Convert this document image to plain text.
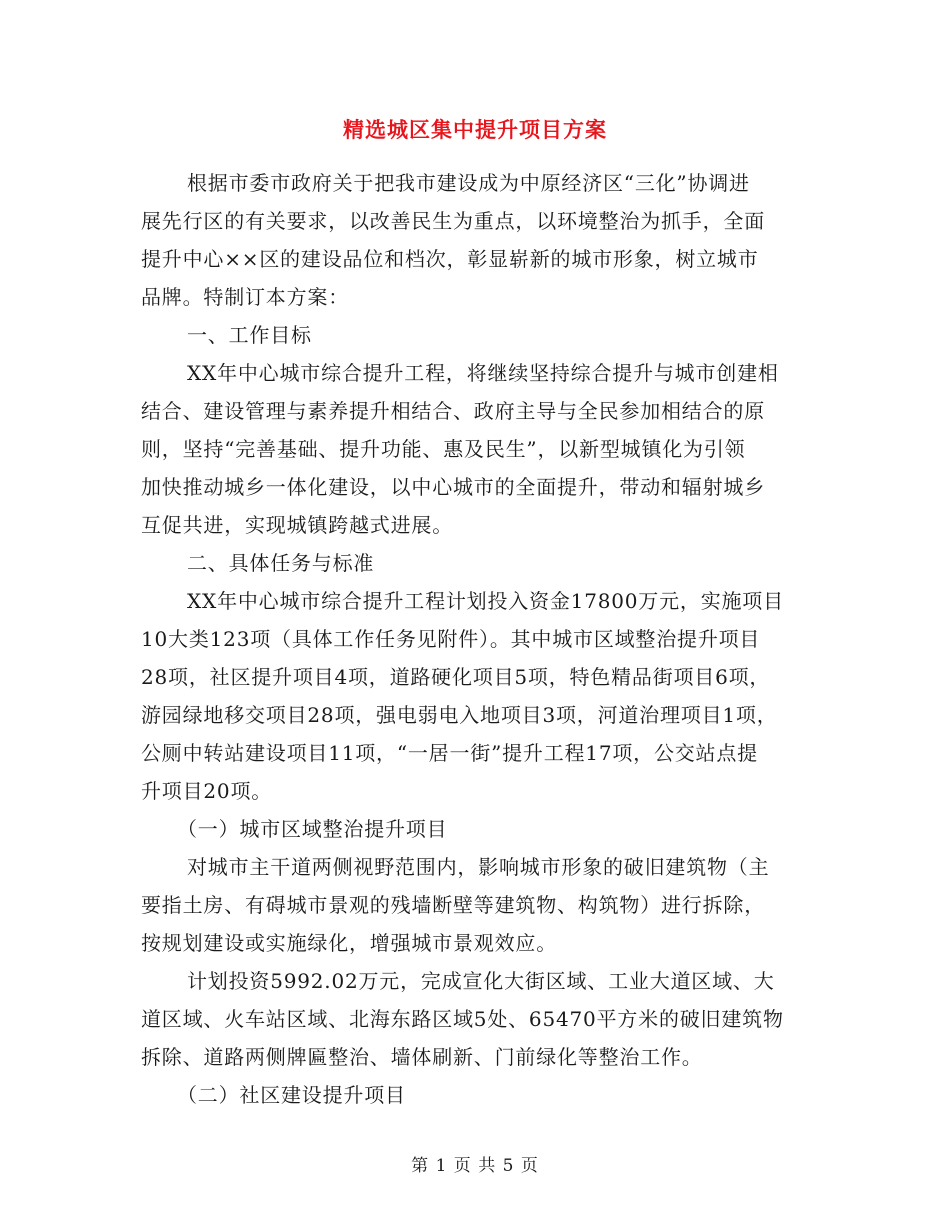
精选城区集中提升项目方案
根据市委市政府关于把我市建设成为中原经济区“三化”协调进
展先行区的有关要求，以改善民生为重点，以环境整治为抓手，全面
提升中心××区的建设品位和档次，彰显崭新的城市形象，树立城市
品牌。特制订本方案：
一、工作目标
XX年中心城市综合提升工程，将继续坚持综合提升与城市创建相
结合、建设管理与素养提升相结合、政府主导与全民参加相结合的原
则，坚持“完善基础、提升功能、惠及民生”，以新型城镇化为引领
加快推动城乡一体化建设，以中心城市的全面提升，带动和辐射城乡
互促共进，实现城镇跨越式进展。
二、具体任务与标准
XX年中心城市综合提升工程计划投入资金17800万元，实施项目
10大类123项（具体工作任务见附件）。其中城市区域整治提升项目
28项，社区提升项目4项，道路硬化项目5项，特色精品街项目6项，
游园绿地移交项目28项，强电弱电入地项目3项，河道治理项目1项，
公厕中转站建设项目11项，“一居一街”提升工程17项，公交站点提
升项目20项。
（一）城市区域整治提升项目
对城市主干道两侧视野范围内，影响城市形象的破旧建筑物（主
要指土房、有碍城市景观的残墙断壁等建筑物、构筑物）进行拆除，
按规划建设或实施绿化，增强城市景观效应。
计划投资5992.02万元，完成宣化大街区域、工业大道区域、大
道区域、火车站区域、北海东路区域5处、65470平方米的破旧建筑物
拆除、道路两侧牌匾整治、墙体刷新、门前绿化等整治工作。
（二）社区建设提升项目
第 1 页 共 5 页
